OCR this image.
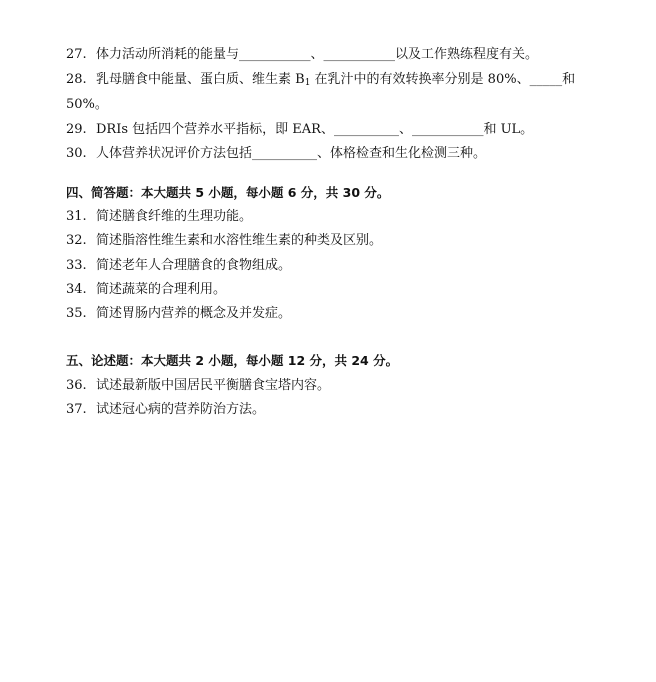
27. 体力活动所消耗的能量与___________、___________以及工作熟练程度有关。
28. 乳母膳食中能量、蛋白质、维生素 $B_1$ 在乳汁中的有效转换率分别是 80%、_____和
50%。
29. DRIs 包括四个营养水平指标，即 EAR、__________、___________和 UL。
30. 人体营养状况评价方法包括__________、体格检查和生化检测三种。
四、简答题：本大题共 5 小题，每小题 6 分，共 30 分。
31. 简述膳食纤维的生理功能。
32. 简述脂溶性维生素和水溶性维生素的种类及区别。
33. 简述老年人合理膳食的食物组成。
34. 简述蔬菜的合理利用。
35. 简述胃肠内营养的概念及并发症。
五、论述题：本大题共 2 小题，每小题 12 分，共 24 分。
36. 试述最新版中国居民平衡膳食宝塔内容。
37. 试述冠心病的营养防治方法。
